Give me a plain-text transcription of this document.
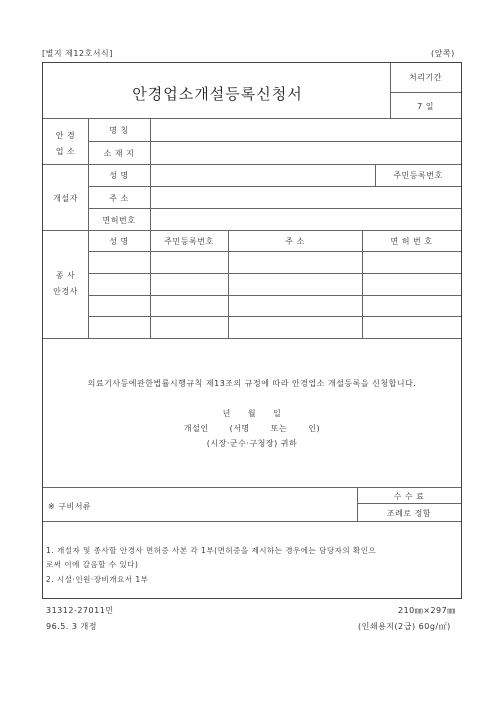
[별지 제12호서식]	(앞쪽)
안경업소개설등록신청서
처리기간
7 일
안 경
업 소
명 칭
소 재 지
개설자
성 명	주민등록번호
주 소
면허번호
종 사
안경사
성 명	주민등록번호	주 소	면 허 번 호
의료기사등에관한법률시행규칙 제13조의 규정에 따라 안경업소 개설등록을 신청합니다.
년 월 일
개설인 (서명 또는 인)
(시장·군수·구청장) 귀하
※ 구비서류
수 수 료
조례로 정함
1. 개설자 및 종사할 안경사 면허증 사본 각 1부(면허증을 제시하는 경우에는 담당자의 확인으
로써 이에 갈음할 수 있다)
2. 시설·인원·장비개요서 1부
31312-27011민	210㎜×297㎜
96.5. 3 개정	(인쇄용지(2급) 60g/㎡)
